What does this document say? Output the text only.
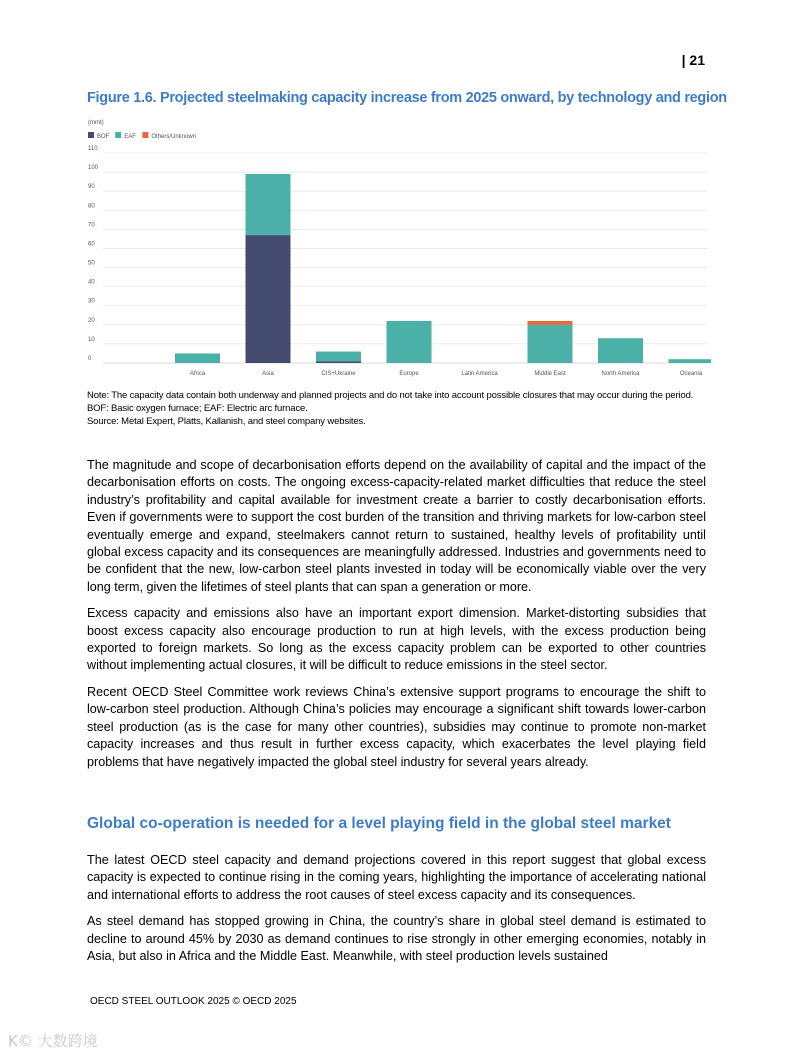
| 21
Figure 1.6. Projected steelmaking capacity increase from 2025 onward, by technology and region
(mmt)
BOF EAF	Others/Unknown
0
10
20
30
40
50
60
70
80
90
100
110
Africa	Asia	CIS+Ukraine	Europe	Latin America	Middle East	North America	Oceania
Note: The capacity data contain both underway and planned projects and do not take into account possible closures that may occur during the period. BOF: Basic oxygen furnace; EAF: Electric arc furnace.
Source: Metal Expert, Platts, Kallanish, and steel company websites.

The magnitude and scope of decarbonisation efforts depend on the availability of capital and the impact of the decarbonisation efforts on costs. The ongoing excess-capacity-related market difficulties that reduce the steel industry’s profitability and capital available for investment create a barrier to costly decarbonisation efforts. Even if governments were to support the cost burden of the transition and thriving markets for low-carbon steel eventually emerge and expand, steelmakers cannot return to sustained, healthy levels of profitability until global excess capacity and its consequences are meaningfully addressed. Industries and governments need to be confident that the new, low-carbon steel plants invested in today will be economically viable over the very long term, given the lifetimes of steel plants that can span a generation or more.

Excess capacity and emissions also have an important export dimension. Market-distorting subsidies that boost excess capacity also encourage production to run at high levels, with the excess production being exported to foreign markets. So long as the excess capacity problem can be exported to other countries without implementing actual closures, it will be difficult to reduce emissions in the steel sector.

Recent OECD Steel Committee work reviews China’s extensive support programs to encourage the shift to low-carbon steel production. Although China’s policies may encourage a significant shift towards lower-carbon steel production (as is the case for many other countries), subsidies may continue to promote non-market capacity increases and thus result in further excess capacity, which exacerbates the level playing field problems that have negatively impacted the global steel industry for several years already.

Global co-operation is needed for a level playing field in the global steel market

The latest OECD steel capacity and demand projections covered in this report suggest that global excess capacity is expected to continue rising in the coming years, highlighting the importance of accelerating national and international efforts to address the root causes of steel excess capacity and its consequences.

As steel demand has stopped growing in China, the country’s share in global steel demand is estimated to decline to around 45% by 2030 as demand continues to rise strongly in other emerging economies, notably in Asia, but also in Africa and the Middle East. Meanwhile, with steel production levels sustained

OECD STEEL OUTLOOK 2025 © OECD 2025
K© 大数跨境
